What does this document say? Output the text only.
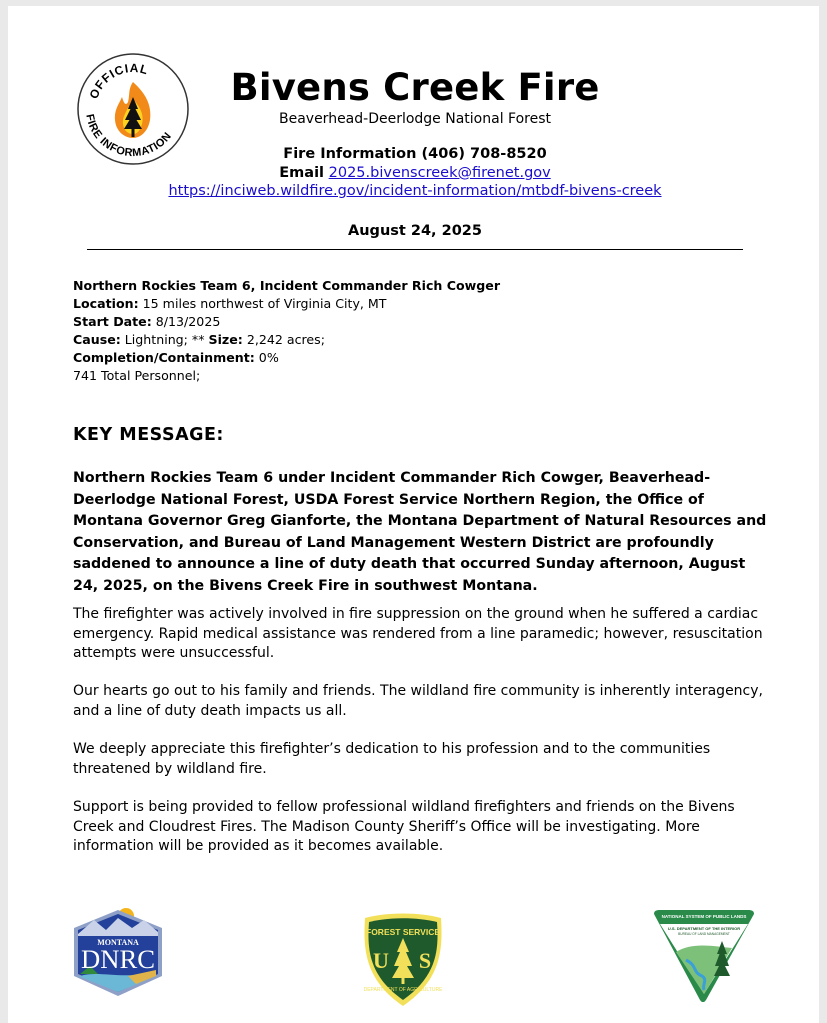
OFFICIAL
FIRE INFORMATION
Bivens Creek Fire
Beaverhead-Deerlodge National Forest
Fire Information (406) 708-8520
Email 2025.bivenscreek@firenet.gov
https://inciweb.wildfire.gov/incident-information/mtbdf-bivens-creek
August 24, 2025
Northern Rockies Team 6, Incident Commander Rich Cowger
Location: 15 miles northwest of Virginia City, MT
Start Date: 8/13/2025
Cause: Lightning; ** Size: 2,242 acres;
Completion/Containment: 0%
741 Total Personnel;
KEY MESSAGE:

Northern Rockies Team 6 under Incident Commander Rich Cowger, Beaverhead-Deerlodge National Forest, USDA Forest Service Northern Region, the Office of Montana Governor Greg Gianforte, the Montana Department of Natural Resources and Conservation, and Bureau of Land Management Western District are profoundly saddened to announce a line of duty death that occurred Sunday afternoon, August 24, 2025, on the Bivens Creek Fire in southwest Montana.

The firefighter was actively involved in fire suppression on the ground when he suffered a cardiac emergency. Rapid medical assistance was rendered from a line paramedic; however, resuscitation attempts were unsuccessful.

Our hearts go out to his family and friends. The wildland fire community is inherently interagency, and a line of duty death impacts us all.

We deeply appreciate this firefighter’s dedication to his profession and to the communities threatened by wildland fire.

Support is being provided to fellow professional wildland firefighters and friends on the Bivens Creek and Cloudrest Fires. The Madison County Sheriff’s Office will be investigating. More information will be provided as it becomes available.

MONTANA
DNRC
FOREST SERVICE
U S
DEPARTMENT OF AGRICULTURE
NATIONAL SYSTEM OF PUBLIC LANDS
U.S. DEPARTMENT OF THE INTERIOR
BUREAU OF LAND MANAGEMENT
